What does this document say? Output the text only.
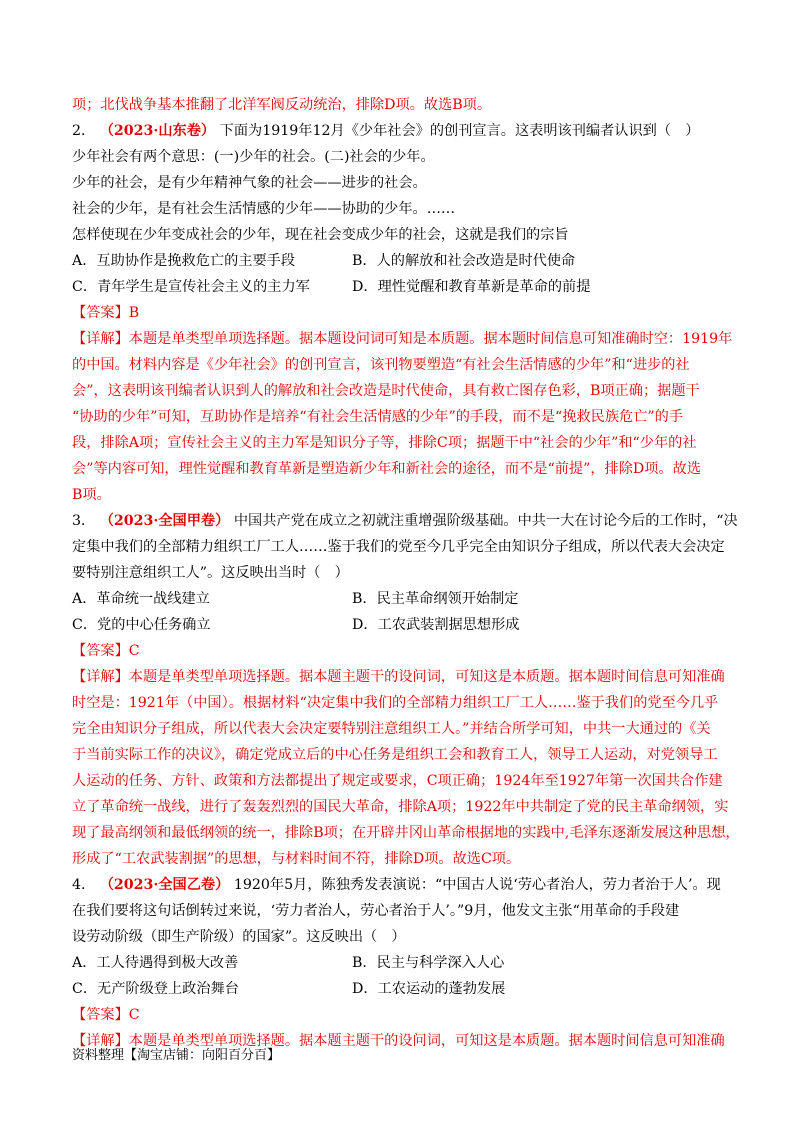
项；北伐战争基本推翻了北洋军阀反动统治，排除D项。故选B项。
2． （2023·山东卷） 下面为1919年12月《少年社会》的创刊宣言。这表明该刊编者认识到（　）
少年社会有两个意思：(一)少年的社会。(二)社会的少年。
少年的社会，是有少年精神气象的社会——进步的社会。
社会的少年，是有社会生活情感的少年——协助的少年。……
怎样使现在少年变成社会的少年，现在社会变成少年的社会，这就是我们的宗旨
A．互助协作是挽救危亡的主要手段	B．人的解放和社会改造是时代使命
C．青年学生是宣传社会主义的主力军	D．理性觉醒和教育革新是革命的前提
【答案】B
【详解】本题是单类型单项选择题。据本题设问词可知是本质题。据本题时间信息可知准确时空：1919年
的中国。材料内容是《少年社会》的创刊宣言，该刊物要塑造“有社会生活情感的少年”和“进步的社
会”，这表明该刊编者认识到人的解放和社会改造是时代使命，具有救亡图存色彩，B项正确；据题干
“协助的少年”可知，互助协作是培养“有社会生活情感的少年”的手段，而不是“挽救民族危亡”的手
段，排除A项；宣传社会主义的主力军是知识分子等，排除C项；据题干中“社会的少年”和“少年的社
会”等内容可知，理性觉醒和教育革新是塑造新少年和新社会的途径，而不是“前提”，排除D项。故选
B项。
3． （2023·全国甲卷） 中国共产党在成立之初就注重增强阶级基础。中共一大在讨论今后的工作时，“决
定集中我们的全部精力组织工厂工人……鉴于我们的党至今几乎完全由知识分子组成，所以代表大会决定
要特别注意组织工人”。这反映出当时（　）
A．革命统一战线建立	B．民主革命纲领开始制定
C．党的中心任务确立	D．工农武装割据思想形成
【答案】C
【详解】本题是单类型单项选择题。据本题主题干的设问词，可知这是本质题。据本题时间信息可知准确
时空是：1921年（中国）。根据材料“决定集中我们的全部精力组织工厂工人……鉴于我们的党至今几乎
完全由知识分子组成，所以代表大会决定要特别注意组织工人。”并结合所学可知，中共一大通过的《关
于当前实际工作的决议》，确定党成立后的中心任务是组织工会和教育工人，领导工人运动，对党领导工
人运动的任务、方针、政策和方法都提出了规定或要求，C项正确；1924年至1927年第一次国共合作建
立了革命统一战线，进行了轰轰烈烈的国民大革命，排除A项；1922年中共制定了党的民主革命纲领，实
现了最高纲领和最低纲领的统一，排除B项；在开辟井冈山革命根据地的实践中,毛泽东逐渐发展这种思想，
形成了“工农武装割据”的思想，与材料时间不符，排除D项。故选C项。
4． （2023·全国乙卷） 1920年5月，陈独秀发表演说：“中国古人说‘劳心者治人，劳力者治于人’。现
在我们要将这句话倒转过来说，‘劳力者治人，劳心者治于人’。”9月，他发文主张“用革命的手段建
设劳动阶级（即生产阶级）的国家”。这反映出（　）
A．工人待遇得到极大改善	B．民主与科学深入人心
C．无产阶级登上政治舞台	D．工农运动的蓬勃发展
【答案】C
【详解】本题是单类型单项选择题。据本题主题干的设问词，可知这是本质题。据本题时间信息可知准确
资料整理【淘宝店铺：向阳百分百】
